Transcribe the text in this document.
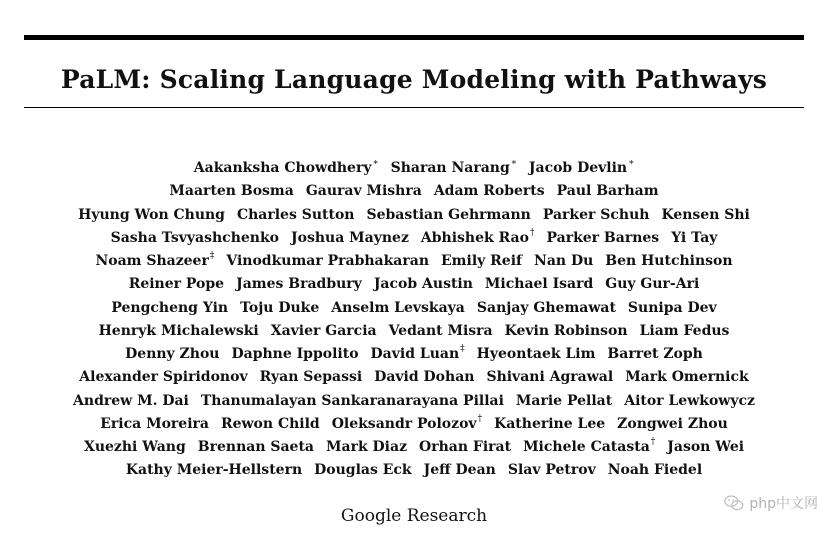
PaLM: Scaling Language Modeling with Pathways
Aakanksha Chowdhery∗ Sharan Narang∗ Jacob Devlin∗
Maarten Bosma Gaurav Mishra Adam Roberts Paul Barham
Hyung Won Chung Charles Sutton Sebastian Gehrmann Parker Schuh Kensen Shi
Sasha Tsvyashchenko Joshua Maynez Abhishek Rao† Parker Barnes Yi Tay
Noam Shazeer‡ Vinodkumar Prabhakaran Emily Reif Nan Du Ben Hutchinson
Reiner Pope James Bradbury Jacob Austin Michael Isard Guy Gur-Ari
Pengcheng Yin Toju Duke Anselm Levskaya Sanjay Ghemawat Sunipa Dev
Henryk Michalewski Xavier Garcia Vedant Misra Kevin Robinson Liam Fedus
Denny Zhou Daphne Ippolito David Luan‡ Hyeontaek Lim Barret Zoph
Alexander Spiridonov Ryan Sepassi David Dohan Shivani Agrawal Mark Omernick
Andrew M. Dai Thanumalayan Sankaranarayana Pillai Marie Pellat Aitor Lewkowycz
Erica Moreira Rewon Child Oleksandr Polozov† Katherine Lee Zongwei Zhou
Xuezhi Wang Brennan Saeta Mark Diaz Orhan Firat Michele Catasta† Jason Wei
Kathy Meier-Hellstern Douglas Eck Jeff Dean Slav Petrov Noah Fiedel
Google Research
php中文网
